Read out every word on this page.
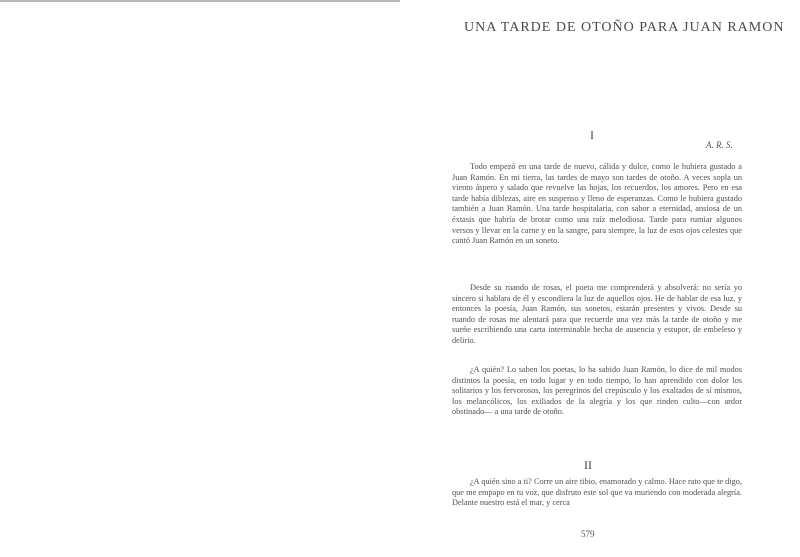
UNA TARDE DE OTOÑO PARA JUAN RAMON
I
A. R. S.

Todo empezó en una tarde de nuevo, cálida y dulce, como le hubiera gustado a Juan Ramón. En mi tierra, las tardes de mayo son tardes de otoño. A veces sopla un viento áspero y salado que revuelve las hojas, los recuerdos, los amores. Pero en esa tarde había diblezas, aire en suspenso y lleno de esperanzas. Como le hubiera gustado también a Juan Ramón. Una tarde hospitalaria, con sabor a eternidad, ansiosa de un éxtasis que habría de brotar como una raíz melodiosa. Tarde para rumiar algunos versos y llevar en la carne y en la sangre, para siempre, la luz de esos ojos celestes que cantó Juan Ramón en un soneto.

Desde su ruando de rosas, el poeta me comprenderá y absolverá: no sería yo sincero si hablara de él y escondiera la luz de aquellos ojos. He de hablar de esa luz, y entonces la poesía, Juan Ramón, sus sonetos, estarán presentes y vivos. Desde su ruando de rosas me alentará para que recuerde una vez más la tarde de otoño y me sueñe escribiendo una carta interminable hecha de ausencia y estupor, de embeleso y delirio.

¿A quién? Lo saben los poetas, lo ha sabido Juan Ramón, lo dice de mil modos distintos la poesía, en todo lugar y en todo tiempo, lo han aprendido con dolor los solitarios y los fervorosos, los peregrinos del crepúsculo y los exaltados de sí mismos, los melancólicos, los exiliados de la alegría y los que rinden culto—con ardor obstinado— a una tarde de otoño.

II

¿A quién sino a ti? Corre un aire tibio, enamorado y calmo. Hace rato que te digo, que me empapo en tu voz, que disfruto este sol que va muriendo con moderada alegría. Delante nuestro está el mar, y cerca

579
